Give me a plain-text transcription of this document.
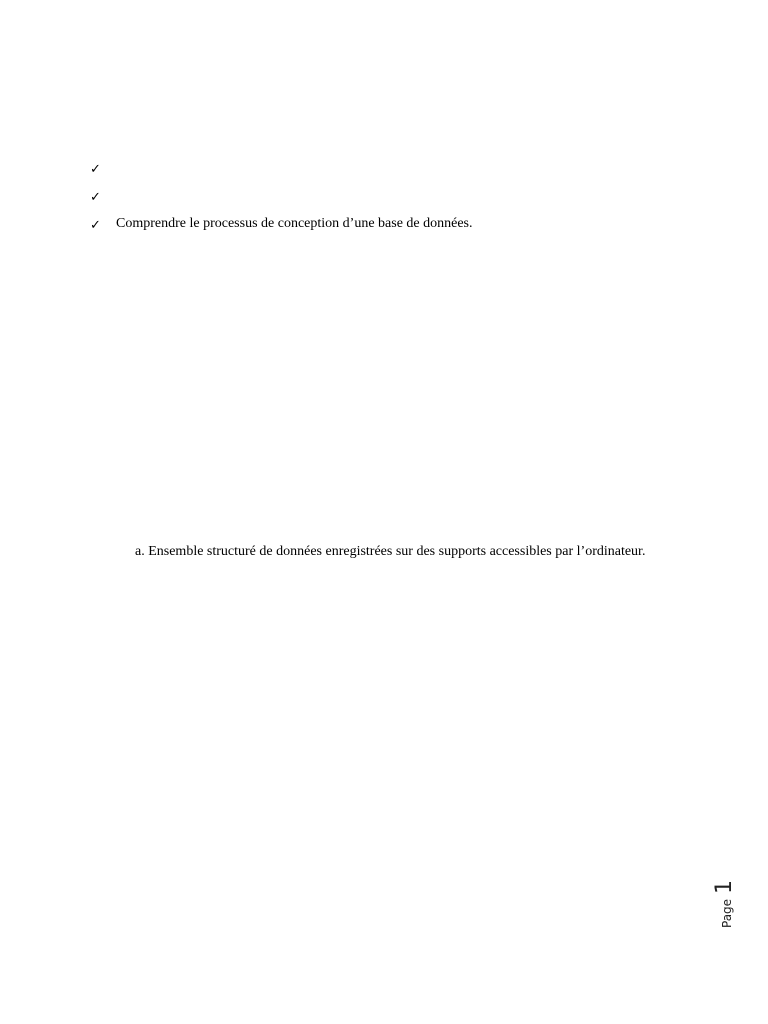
✓
✓
✓	Comprendre le processus de conception d’une base de données.
a. Ensemble structuré de données enregistrées sur des supports accessibles par l’ordinateur.
Page
1
